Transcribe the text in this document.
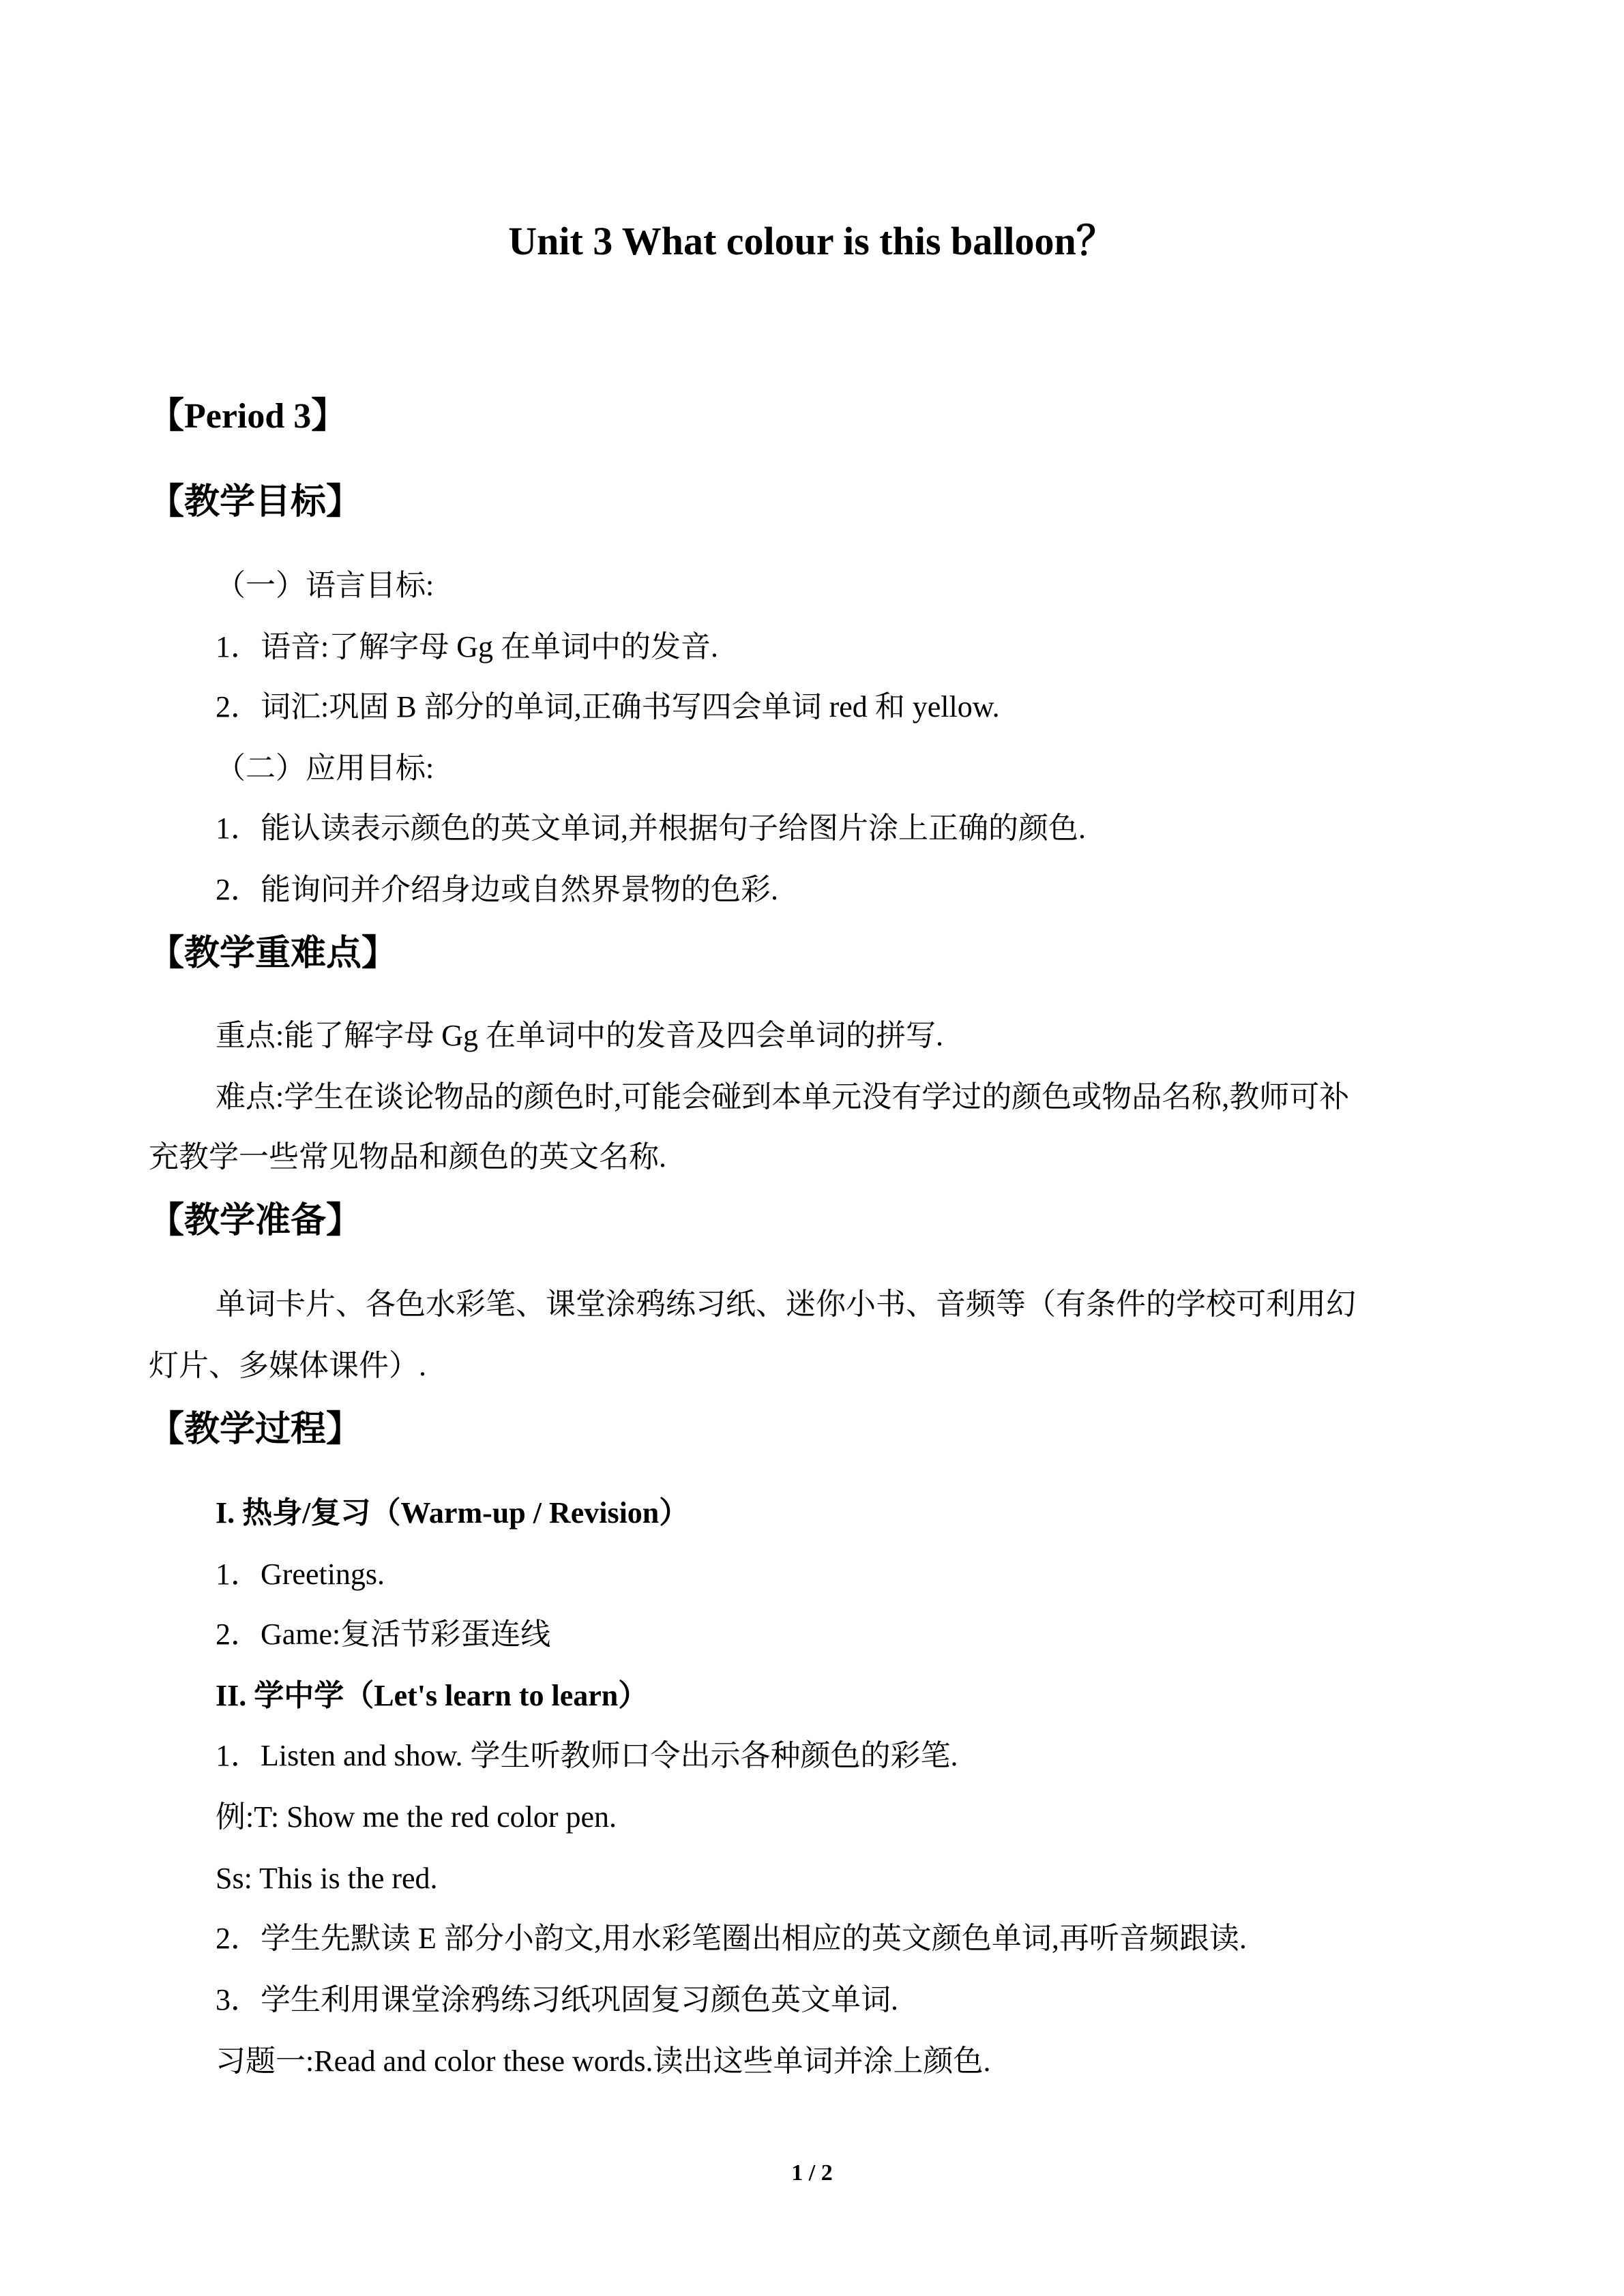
Unit 3 What colour is this balloon？
【Period 3】
【教学目标】
（一）语言目标:
1．语音:了解字母 Gg 在单词中的发音.
2．词汇:巩固 B 部分的单词,正确书写四会单词 red 和 yellow.
（二）应用目标:
1．能认读表示颜色的英文单词,并根据句子给图片涂上正确的颜色.
2．能询问并介绍身边或自然界景物的色彩.
【教学重难点】
重点:能了解字母 Gg 在单词中的发音及四会单词的拼写.
难点:学生在谈论物品的颜色时,可能会碰到本单元没有学过的颜色或物品名称,教师可补
充教学一些常见物品和颜色的英文名称.
【教学准备】
单词卡片、各色水彩笔、课堂涂鸦练习纸、迷你小书、音频等（有条件的学校可利用幻
灯片、多媒体课件）.
【教学过程】
I. 热身/复习（Warm-up / Revision）
1．Greetings.
2．Game:复活节彩蛋连线
II. 学中学（Let's learn to learn）
1．Listen and show. 学生听教师口令出示各种颜色的彩笔.
例:T: Show me the red color pen.
Ss: This is the red.
2．学生先默读 E 部分小韵文,用水彩笔圈出相应的英文颜色单词,再听音频跟读.
3．学生利用课堂涂鸦练习纸巩固复习颜色英文单词.
习题一:Read and color these words.读出这些单词并涂上颜色.
1 / 2
